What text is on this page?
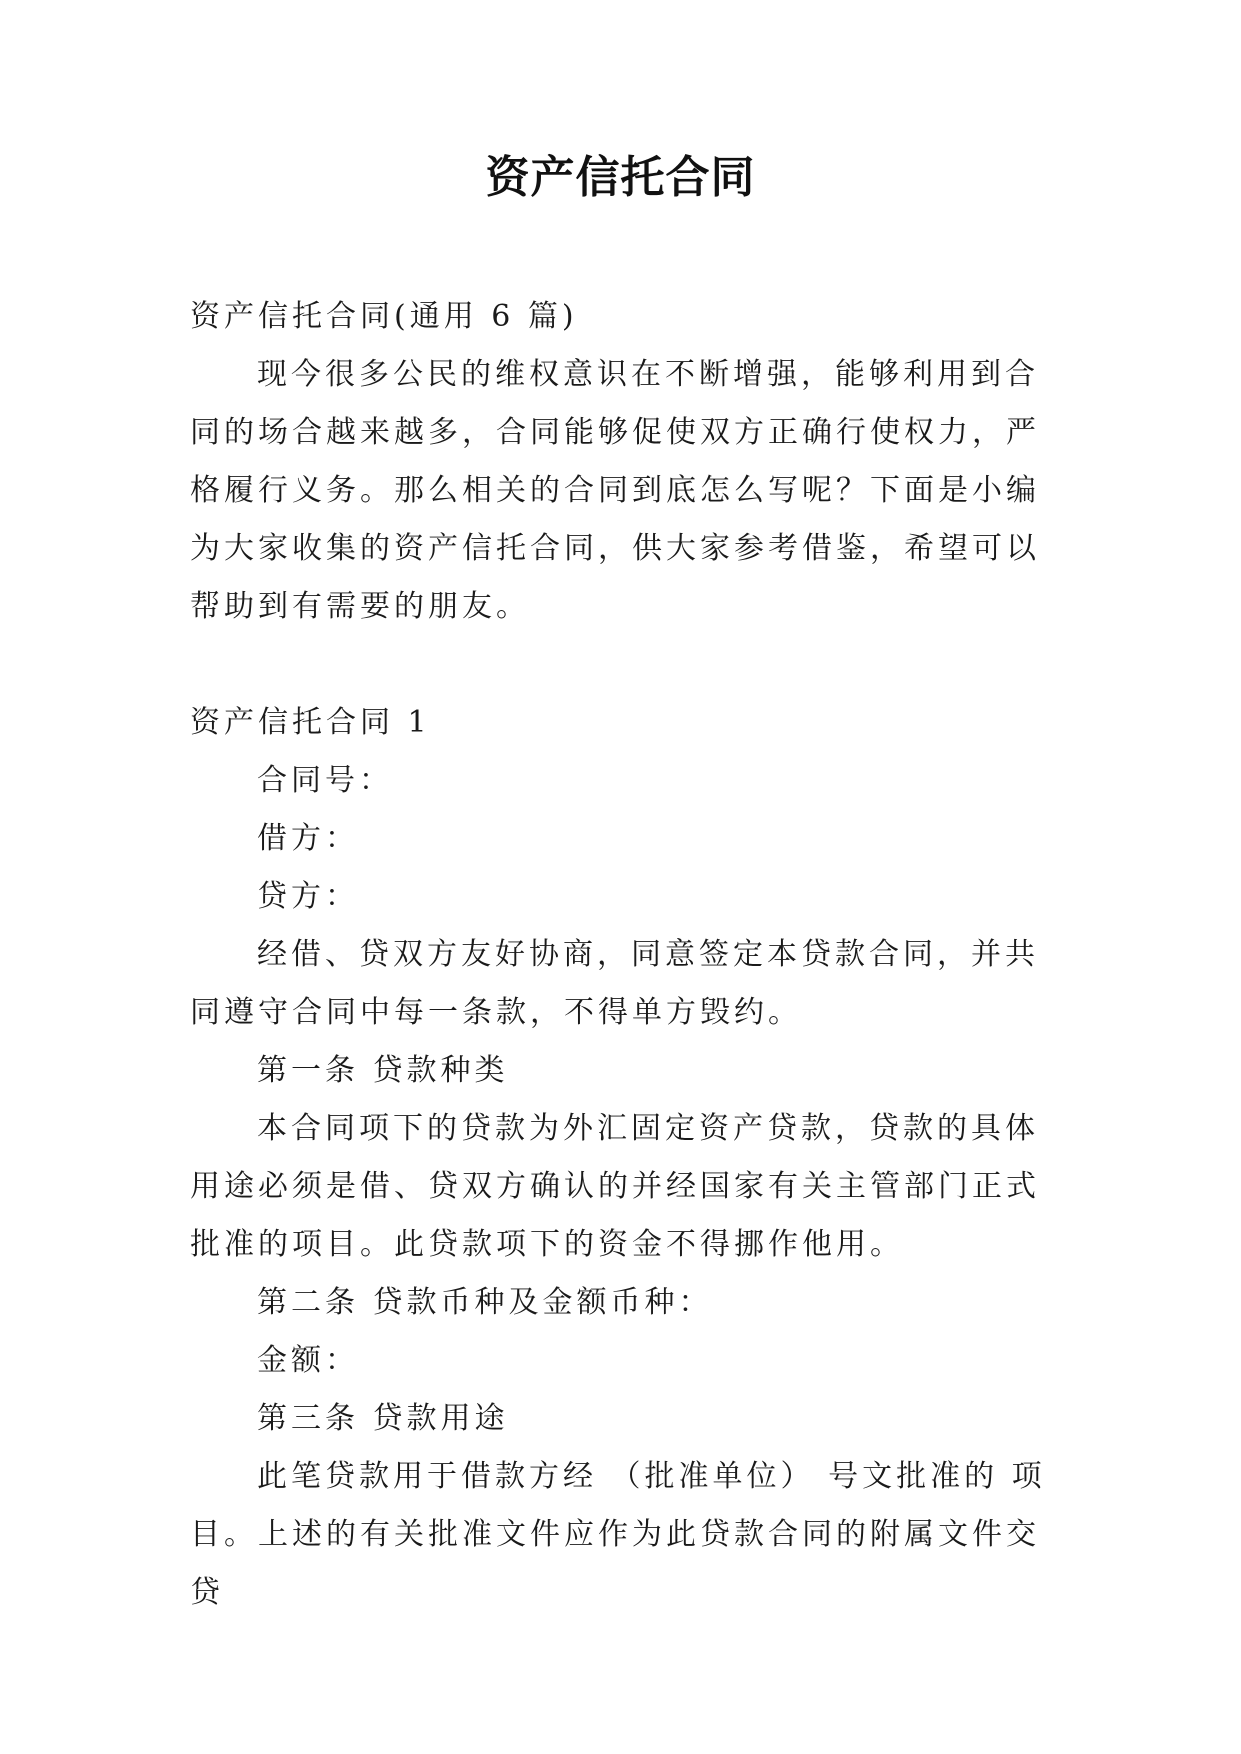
资产信托合同

资产信托合同(通用 6 篇)

现今很多公民的维权意识在不断增强，能够利用到合同的场合越来越多，合同能够促使双方正确行使权力，严格履行义务。那么相关的合同到底怎么写呢？下面是小编为大家收集的资产信托合同，供大家参考借鉴，希望可以帮助到有需要的朋友。

资产信托合同 1

合同号：

借方：

贷方：

经借、贷双方友好协商，同意签定本贷款合同，并共同遵守合同中每一条款，不得单方毁约。

第一条 贷款种类

本合同项下的贷款为外汇固定资产贷款，贷款的具体用途必须是借、贷双方确认的并经国家有关主管部门正式批准的项目。此贷款项下的资金不得挪作他用。

第二条 贷款币种及金额币种：

金额：

第三条 贷款用途

此笔贷款用于借款方经 （批准单位） 号文批准的 项目。上述的有关批准文件应作为此贷款合同的附属文件交贷
